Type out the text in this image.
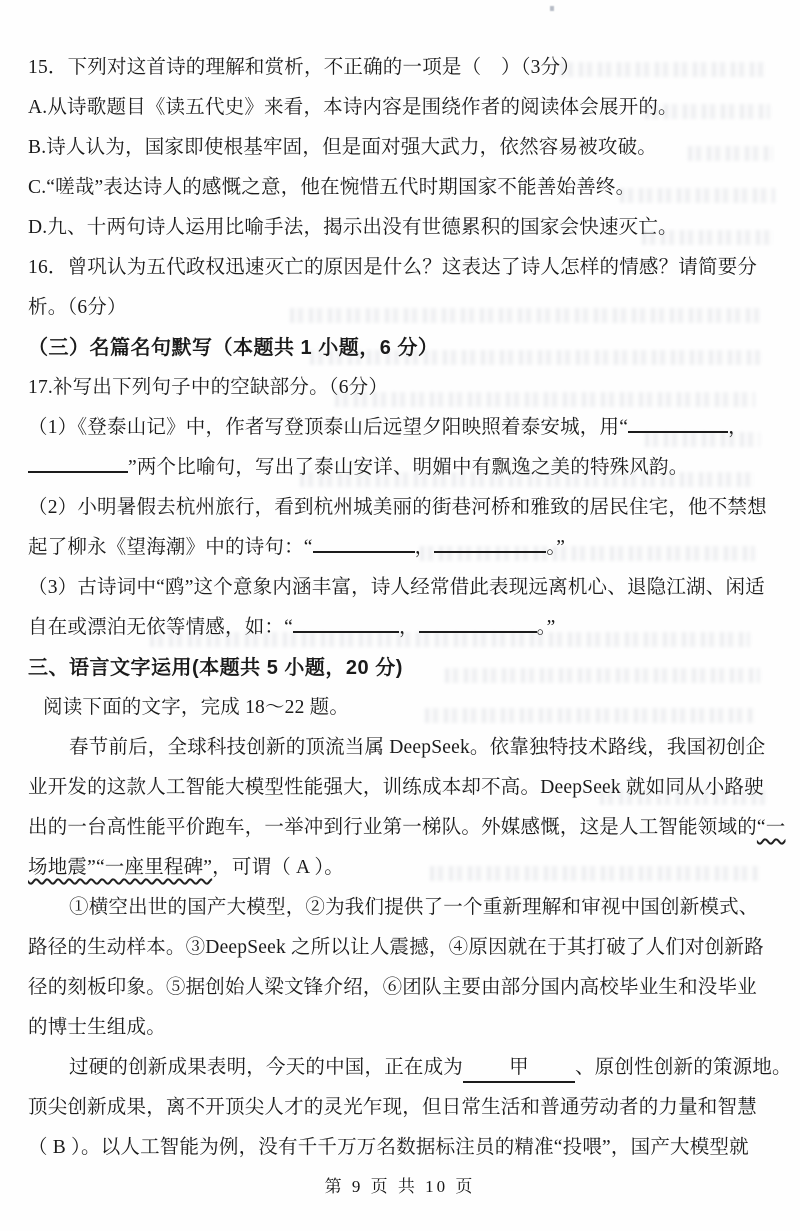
15．下列对这首诗的理解和赏析，不正确的一项是（　）（3分）
A.从诗歌题目《读五代史》来看，本诗内容是围绕作者的阅读体会展开的。
B.诗人认为，国家即使根基牢固，但是面对强大武力，依然容易被攻破。
C.“嗟哉”表达诗人的感慨之意，他在惋惜五代时期国家不能善始善终。
D.九、十两句诗人运用比喻手法，揭示出没有世德累积的国家会快速灭亡。
16．曾巩认为五代政权迅速灭亡的原因是什么？这表达了诗人怎样的情感？请简要分
析。（6分）
（三）名篇名句默写（本题共 1 小题，6 分）
17.补写出下列句子中的空缺部分。（6分）
（1）《登泰山记》中，作者写登顶泰山后远望夕阳映照着泰安城，用“	，
”两个比喻句，写出了泰山安详、明媚中有飘逸之美的特殊风韵。
（2）小明暑假去杭州旅行，看到杭州城美丽的街巷河桥和雅致的居民住宅，他不禁想
起了柳永《望海潮》中的诗句：“	，	。”
（3）古诗词中“鸥”这个意象内涵丰富，诗人经常借此表现远离机心、退隐江湖、闲适
自在或漂泊无依等情感，如：“	，	。”
三、语言文字运用(本题共 5 小题，20 分)
阅读下面的文字，完成 18～22 题。
春节前后，全球科技创新的顶流当属 DeepSeek。依靠独特技术路线，我国初创企
业开发的这款人工智能大模型性能强大，训练成本却不高。DeepSeek 就如同从小路驶
出的一台高性能平价跑车，一举冲到行业第一梯队。外媒感慨，这是人工智能领域的“一
场地震”“一座里程碑”，可谓（ A ）。
①横空出世的国产大模型，②为我们提供了一个重新理解和审视中国创新模式、
路径的生动样本。③DeepSeek 之所以让人震撼，④原因就在于其打破了人们对创新路
径的刻板印象。⑤据创始人梁文锋介绍，⑥团队主要由部分国内高校毕业生和没毕业
的博士生组成。
过硬的创新成果表明，今天的中国，正在成为 甲 、原创性创新的策源地。
顶尖创新成果，离不开顶尖人才的灵光乍现，但日常生活和普通劳动者的力量和智慧
（ B ）。以人工智能为例，没有千千万万名数据标注员的精准“投喂”，国产大模型就
第 9 页 共 10 页
